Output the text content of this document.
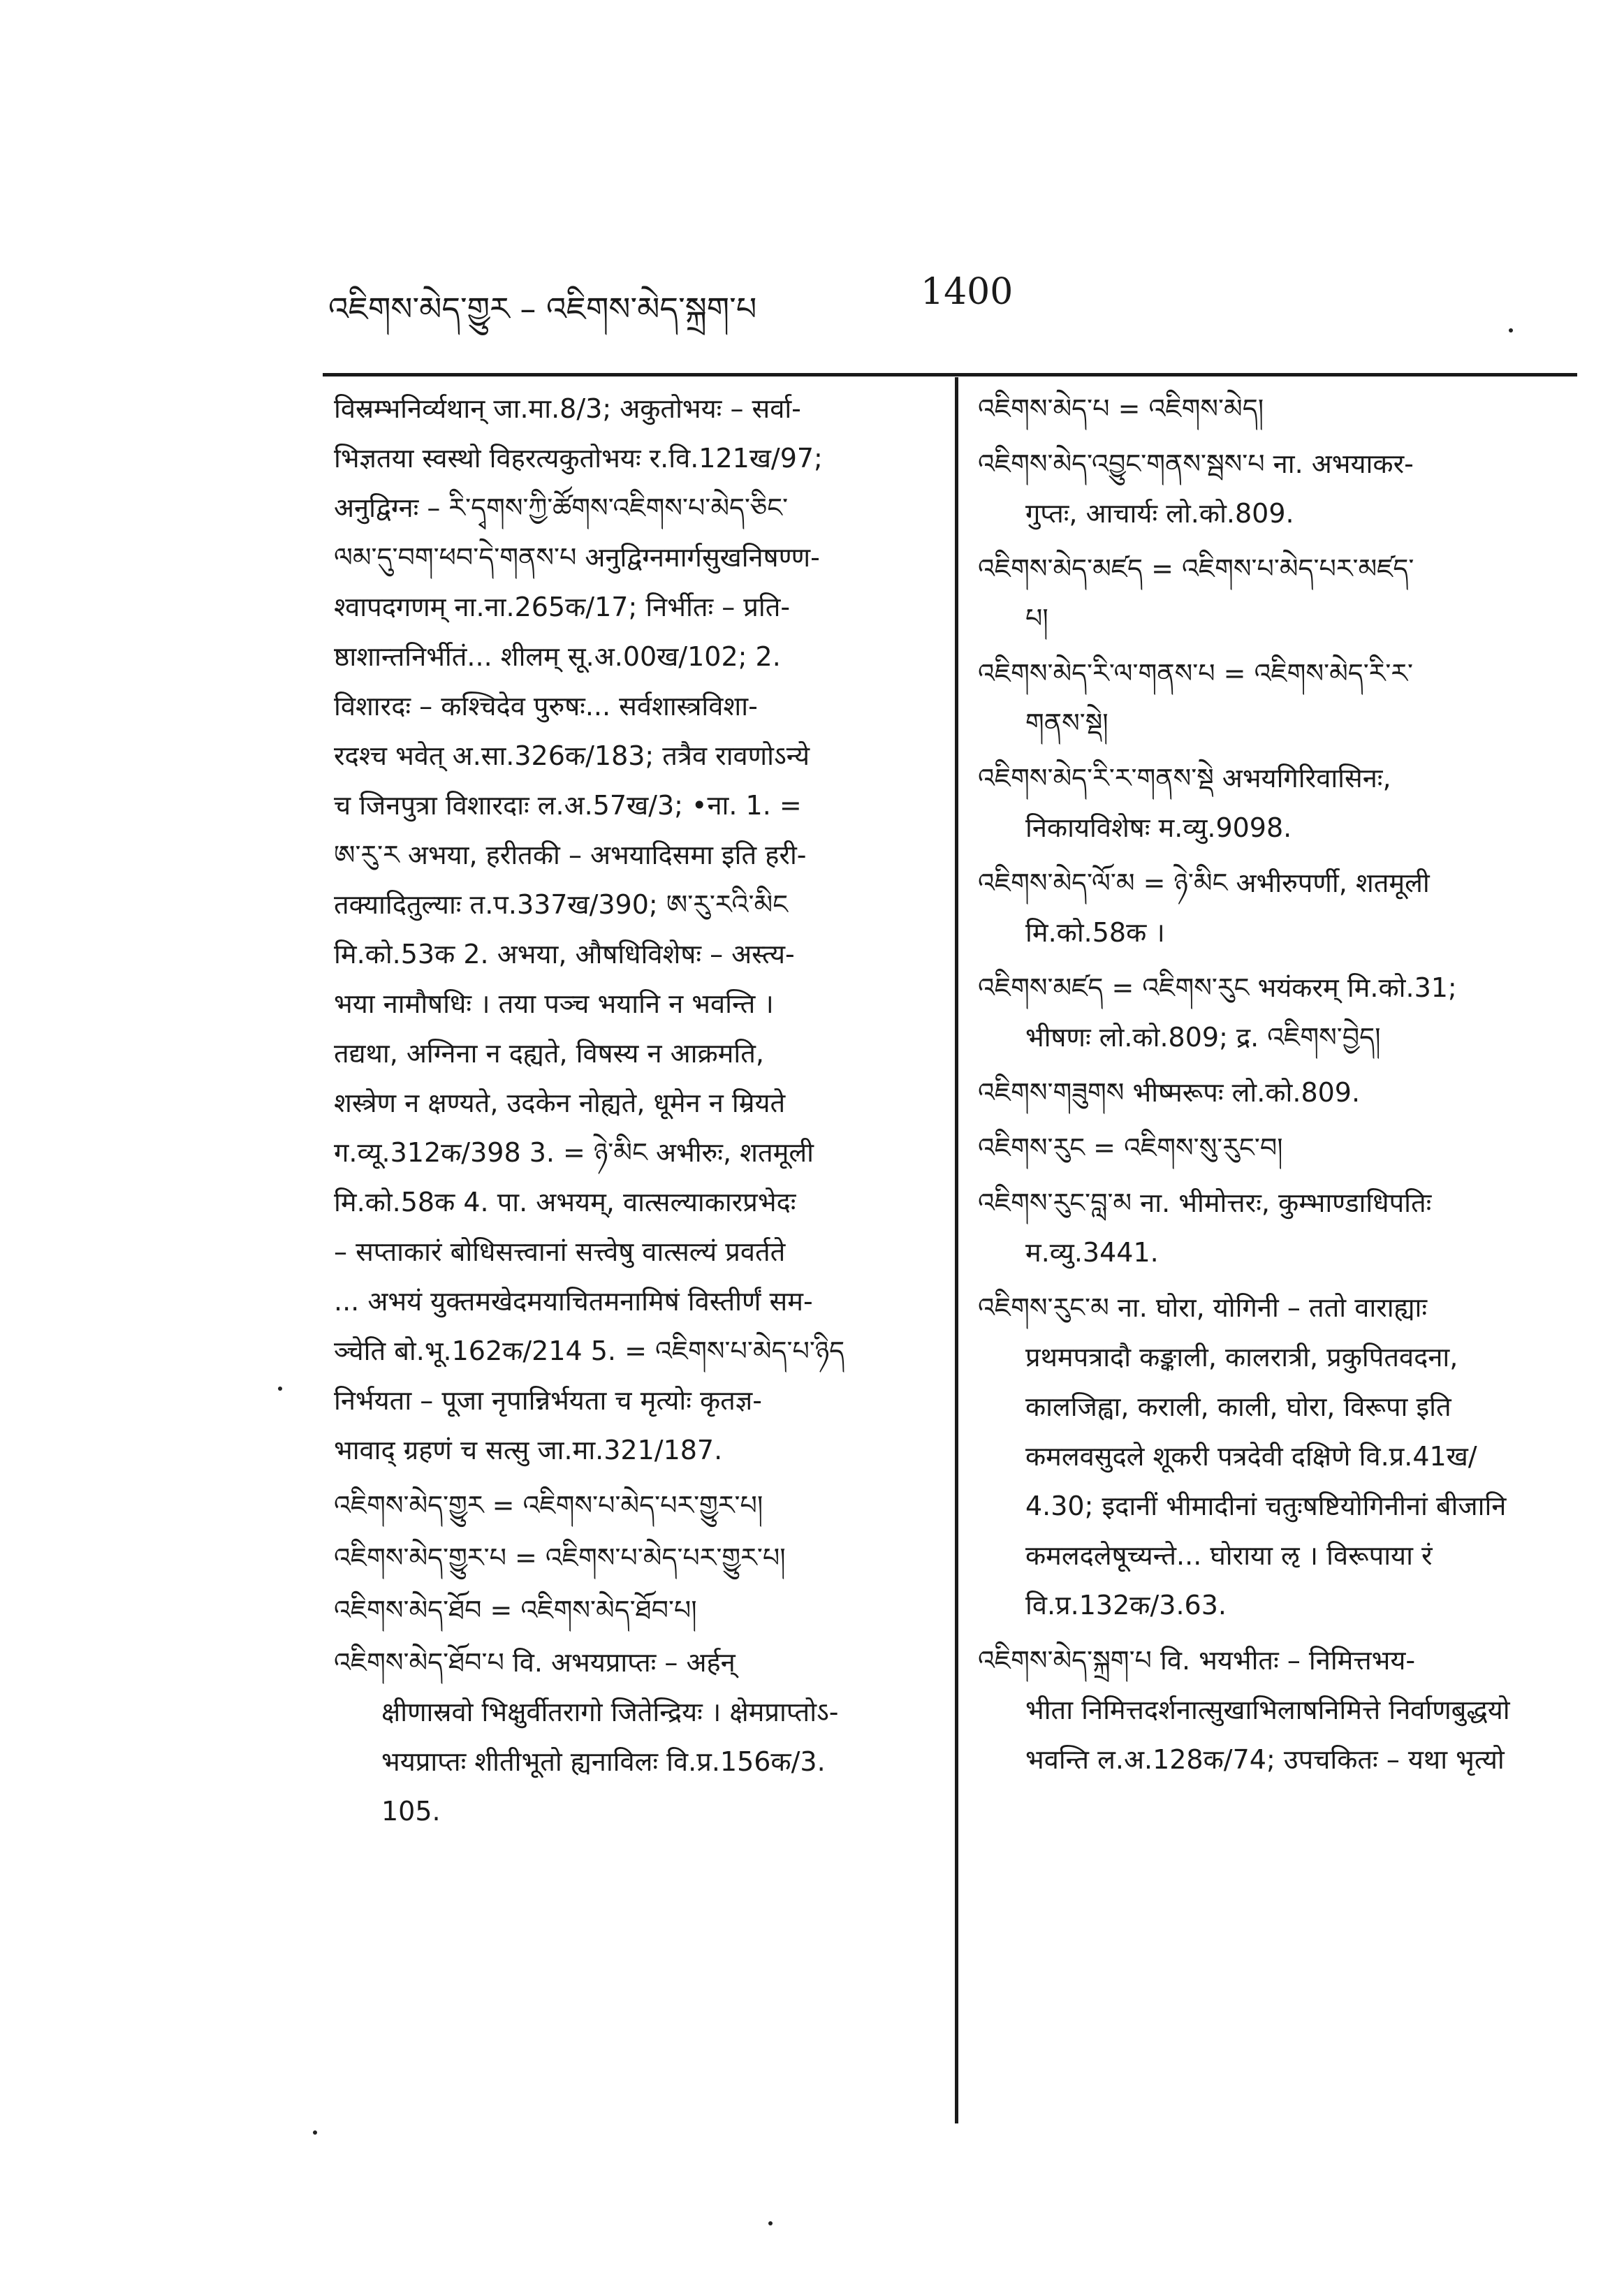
འཇིགས་མེད་གྱུར – འཇིགས་མེད་སྐྲག་པ	1400
विस्रम्भनिर्व्यथान् जा.मा.8/3; अकुतोभयः – सर्वा-
भिज्ञतया स्वस्थो विहरत्यकुतोभयः र.वि.121ख/97;
अनुद्विग्नः – རི་དྭགས་ཀྱི་ཚོགས་འཇིགས་པ་མེད་ཅིང་
ལམ་དུ་བག་ཕབ་དེ་གནས་པ अनुद्विग्नमार्गसुखनिषण्ण-
श्वापदगणम् ना.ना.265क/17; निर्भीतः – प्रति-
ष्ठाशान्तनिर्भीतं... शीलम् सू.अ.00ख/102; 2.
विशारदः – कश्चिदेव पुरुषः... सर्वशास्त्रविशा-
रदश्च भवेत् अ.सा.326क/183; तत्रैव रावणोऽन्ये
च जिनपुत्रा विशारदाः ल.अ.57ख/3; •ना. 1. =
ཨ་རུ་ར अभया, हरीतकी – अभयादिसमा इति हरी-
तक्यादितुल्याः त.प.337ख/390; ཨ་རུ་རའི་མིང
मि.को.53क 2. अभया, औषधिविशेषः – अस्त्य-
भया नामौषधिः । तया पञ्च भयानि न भवन्ति ।
तद्यथा, अग्निना न दह्यते, विषस्य न आक्रमति,
शस्त्रेण न क्षण्यते, उदकेन नोह्यते, धूमेन न म्रियते
ग.व्यू.312क/398 3. = ཉེ་མིང अभीरुः, शतमूली
मि.को.58क 4. पा. अभयम्, वात्सल्याकारप्रभेदः
– सप्ताकारं बोधिसत्त्वानां सत्त्वेषु वात्सल्यं प्रवर्तते
... अभयं युक्तमखेदमयाचितमनामिषं विस्तीर्णं सम-
ञ्चेति बो.भू.162क/214 5. = འཇིགས་པ་མེད་པ་ཉིད
निर्भयता – पूजा नृपान्निर्भयता च मृत्योः कृतज्ञ-
भावाद् ग्रहणं च सत्सु जा.मा.321/187.
འཇིགས་མེད་གྱུར = འཇིགས་པ་མེད་པར་གྱུར་པ།
འཇིགས་མེད་གྱུར་པ = འཇིགས་པ་མེད་པར་གྱུར་པ།
འཇིགས་མེད་ཐོབ = འཇིགས་མེད་ཐོབ་པ།
འཇིགས་མེད་ཐོབ་པ वि. अभयप्राप्तः – अर्हन्
क्षीणास्रवो भिक्षुर्वीतरागो जितेन्द्रियः । क्षेमप्राप्तोऽ-
भयप्राप्तः शीतीभूतो ह्यनाविलः वि.प्र.156क/3.
105.
འཇིགས་མེད་པ = འཇིགས་མེད།
འཇིགས་མེད་འབྱུང་གནས་སྦས་པ ना. अभयाकर-
गुप्तः, आचार्यः लो.को.809.
འཇིགས་མེད་མཛད = འཇིགས་པ་མེད་པར་མཛད་
པ།
འཇིགས་མེད་རི་ལ་གནས་པ = འཇིགས་མེད་རི་ར་
གནས་སྡེ།
འཇིགས་མེད་རི་ར་གནས་སྡེ अभयगिरिवासिनः,
निकायविशेषः म.व्यु.9098.
འཇིགས་མེད་ལོ་མ = ཉེ་མིང अभीरुपर्णी, शतमूली
मि.को.58क ।
འཇིགས་མཛད = འཇིགས་རུང भयंकरम् मि.को.31;
भीषणः लो.को.809; द्र. འཇིགས་བྱེད།
འཇིགས་གཟུགས भीष्मरूपः लो.को.809.
འཇིགས་རུང = འཇིགས་སུ་རུང་བ།
འཇིགས་རུང་བླ་མ ना. भीमोत्तरः, कुम्भाण्डाधिपतिः
म.व्यु.3441.
འཇིགས་རུང་མ ना. घोरा, योगिनी – ततो वाराह्याः
प्रथमपत्रादौ कङ्काली, कालरात्री, प्रकुपितवदना,
कालजिह्वा, कराली, काली, घोरा, विरूपा इति
कमलवसुदले शूकरी पत्रदेवी दक्षिणे वि.प्र.41ख/
4.30; इदानीं भीमादीनां चतुःषष्टियोगिनीनां बीजानि
कमलदलेषूच्यन्ते... घोराया ऌ । विरूपाया रं
वि.प्र.132क/3.63.
འཇིགས་མེད་སྐྲག་པ वि. भयभीतः – निमित्तभय-
भीता निमित्तदर्शनात्सुखाभिलाषनिमित्ते निर्वाणबुद्धयो
भवन्ति ल.अ.128क/74; उपचकितः – यथा भृत्यो
